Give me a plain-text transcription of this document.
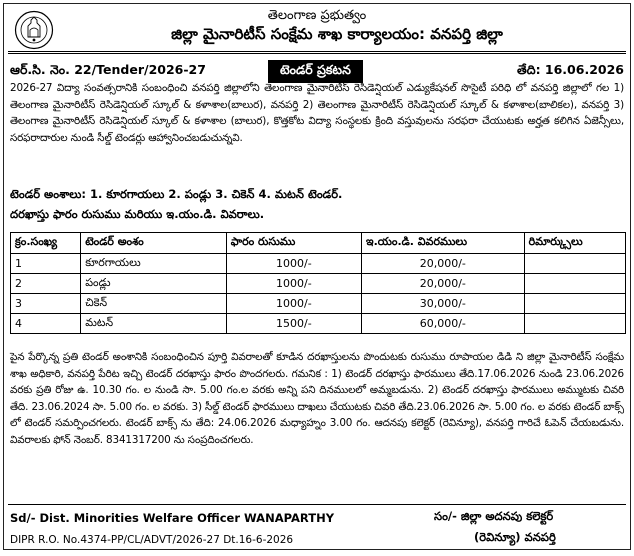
తెలంగాణ ప్రభుత్వం
జిల్లా మైనారిటీస్ సంక్షేమ శాఖ కార్యాలయం: వనపర్తి జిల్లా
ఆర్.సి. నెం. 22/Tender/2026-27	టెండర్ ప్రకటన	తేది: 16.06.2026
2026-27 విద్యా సంవత్సరానికి సంబంధించి వనపర్తి జిల్లాలోని తెలంగాణ మైనారిటీస్ రెసిడెన్షియల్ ఎడ్యుకేషనల్ సొసైటీ పరిధి లో వనపర్తి జిల్లాలో గల 1) తెలంగాణ మైనారిటీస్ రెసిడెన్షియల్ స్కూల్ & కళాశాల(బాలుర), వనపర్తి 2) తెలంగాణ మైనారిటీస్ రెసిడెన్షియల్ స్కూల్ & కళాశాల(బాలికల), వనపర్తి 3) తెలంగాణ మైనారిటీస్ రెసిడెన్షియల్ స్కూల్ & కళాశాల (బాలుర), కొత్తకోట విద్యా సంస్థలకు క్రింది వస్తువులను సరఫరా చేయుటకు అర్హత కలిగిన ఏజెన్సీలు, సరఫరాదారుల నుండి సీల్డ్ టెండర్లు ఆహ్వానించబడుచున్నవి.
టెండర్ అంశాలు: 1. కూరగాయలు 2. పండ్లు 3. చికెన్ 4. మటన్ టెండర్.
దరఖాస్తు ఫారం రుసుము మరియు ఇ.యం.డి. వివరాలు.
క్రం.సంఖ్య	టెండర్ అంశం	ఫారం రుసుము	ఇ.యం.డి. వివరములు	రిమార్క్సులు
1	కూరగాయలు	1000/-	20,000/-	
2	పండ్లు	1000/-	20,000/-	
3	చికెన్	1000/-	30,000/-	
4	మటన్	1500/-	60,000/-	
పైన పేర్కొన్న ప్రతి టెండర్ అంశానికి సంబంధించిన పూర్తి వివరాలతో కూడిన దరఖాస్తులను పొందుటకు రుసుము రూపాయల డిడి ని జిల్లా మైనారిటీస్ సంక్షేమ శాఖ అధికారి, వనపర్తి పేరిట ఇచ్చి టెండర్ దరఖాస్తు ఫారం పొందగలరు. గమనిక : 1) టెండర్ దరఖాస్తు ఫారములు తేది.17.06.2026 నుండి 23.06.2026 వరకు ప్రతి రోజు ఉ. 10.30 గం. ల నుండి సా. 5.00 గం.ల వరకు అన్ని పని దినములలో అమ్మబడును. 2) టెండర్ దరఖాస్తు ఫారములు అమ్ముటకు చివరి తేది. 23.06.2024 సా. 5.00 గం. ల వరకు. 3) సీల్డ్ టెండర్ ఫారములు దాఖలు చేయుటకు చివరి తేది.23.06.2026 సా. 5.00 గం. ల వరకు టెండర్ బాక్స్ లో టెండర్ సమర్పించగలరు. టెండర్ బాక్స్ ను తేది: 24.06.2026 మధ్యాహ్నం 3.00 గం. ఆదనపు కలెక్టర్ (రెవిన్యూ), వనపర్తి గారిచే ఓపెన్ చేయబడును. వివరాలకు ఫోన్ నెంబర్. 8341317200 ను సంప్రదించగలరు.
Sd/- Dist. Minorities Welfare Officer WANAPARTHY	సం/- జిల్లా అదనపు కలెక్టర్
DIPR R.O. No.4374-PP/CL/ADVT/2026-27 Dt.16-6-2026	(రెవిన్యూ) వనపర్తి
